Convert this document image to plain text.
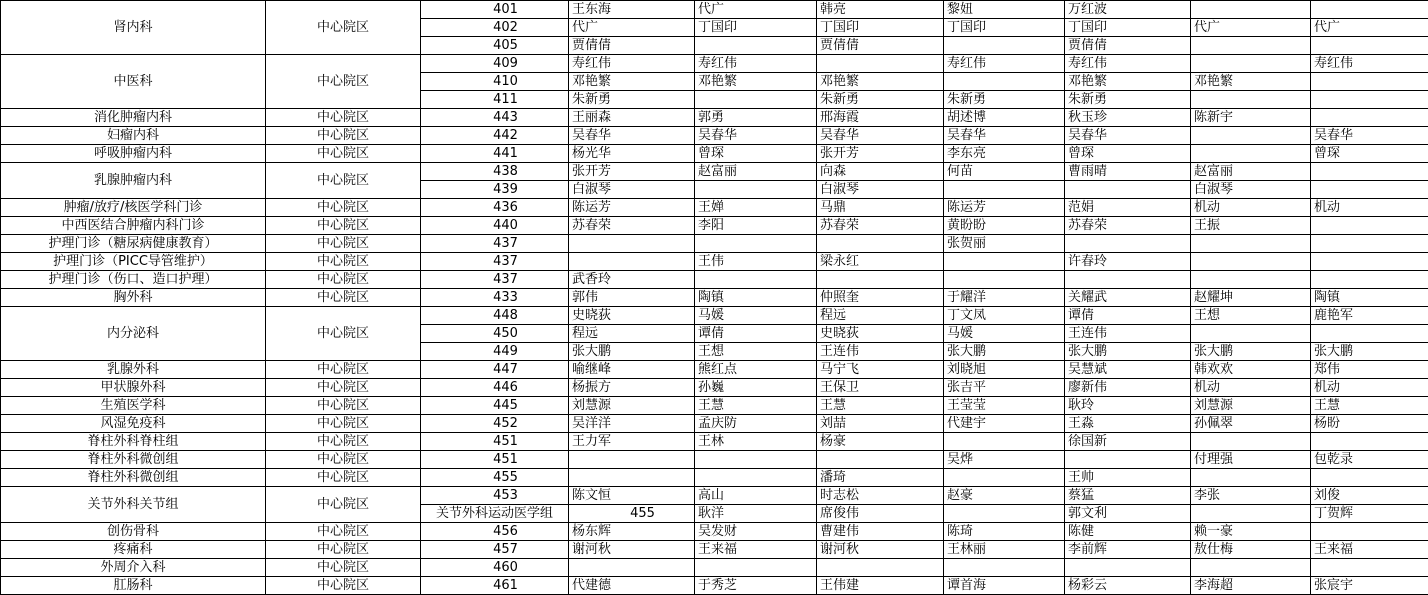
肾内科	中心院区	401	王东海	代广	韩亮	黎妞	万红波			
		402	代广	丁国印	丁国印	丁国印	丁国印	代广	代广	
		405	贾倩倩		贾倩倩		贾倩倩			
中医科	中心院区	409	寿红伟	寿红伟		寿红伟	寿红伟		寿红伟	
		410	邓艳繁	邓艳繁	邓艳繁		邓艳繁	邓艳繁		
		411	朱新勇		朱新勇	朱新勇	朱新勇			
消化肿瘤内科	中心院区	443	王丽森	郭勇	邢海霞	胡述博	秋玉珍	陈新宇		
妇瘤内科	中心院区	442	吴春华	吴春华	吴春华	吴春华	吴春华		吴春华	
呼吸肿瘤内科	中心院区	441	杨光华	曾琛	张开芳	李东亮	曾琛		曾琛	
乳腺肿瘤内科	中心院区	438	张开芳	赵富丽	向森	何苗	曹雨晴	赵富丽		
		439	白淑琴		白淑琴			白淑琴		
肿瘤/放疗/核医学科门诊	中心院区	436	陈运芳	王婵	马鼎	陈运芳	范娟	机动	机动	
中西医结合肿瘤内科门诊	中心院区	440	苏春荣	李阳	苏春荣	黄盼盼	苏春荣	王振		
护理门诊（糖尿病健康教育）	中心院区	437				张贺丽				
护理门诊（PICC导管维护）	中心院区	437		王伟	梁永红		许春玲			
护理门诊（伤口、造口护理）	中心院区	437	武香玲							
胸外科	中心院区	433	郭伟	陶镇	仲照奎	于耀洋	关耀武	赵耀坤	陶镇	
内分泌科	中心院区	448	史晓荻	马媛	程远	丁文凤	谭倩	王想	鹿艳军	
		450	程远	谭倩	史晓荻	马媛	王连伟			
		449	张大鹏	王想	王连伟	张大鹏	张大鹏	张大鹏	张大鹏	
乳腺外科	中心院区	447	喻继峰	熊红点	马宁飞	刘晓旭	吴慧斌	韩欢欢	郑伟	
甲状腺外科	中心院区	446	杨振方	孙巍	王保卫	张吉平	廖新伟	机动	机动	
生殖医学科	中心院区	445	刘慧源	王慧	王慧	王莹莹	耿玲	刘慧源	王慧	
风湿免疫科	中心院区	452	吴洋洋	孟庆防	刘喆	代建宇	王淼	孙佩翠	杨盼	
脊柱外科脊柱组	中心院区	451	王力军	王林	杨豪		徐国新			
脊柱外科微创组	中心院区	451				吴烨		付理强	包乾录	
脊柱外科微创组	中心院区	455			潘琦		王帅			
关节外科关节组	中心院区	453	陈文恒	高山	时志松	赵豪	蔡猛	李张	刘俊	
		关节外科运动医学组	455	耿洋	席俊伟		郭文利		丁贺辉	
创伤骨科	中心院区	456	杨东辉	吴发财	曹建伟	陈琦	陈健	赖一豪		
疼痛科	中心院区	457	谢河秋	王来福	谢河秋	王林丽	李前辉	敖仕梅	王来福	
外周介入科	中心院区	460								
肛肠科	中心院区	461	代建德	于秀芝	王伟建	谭首海	杨彩云	李海超	张宸宇	
